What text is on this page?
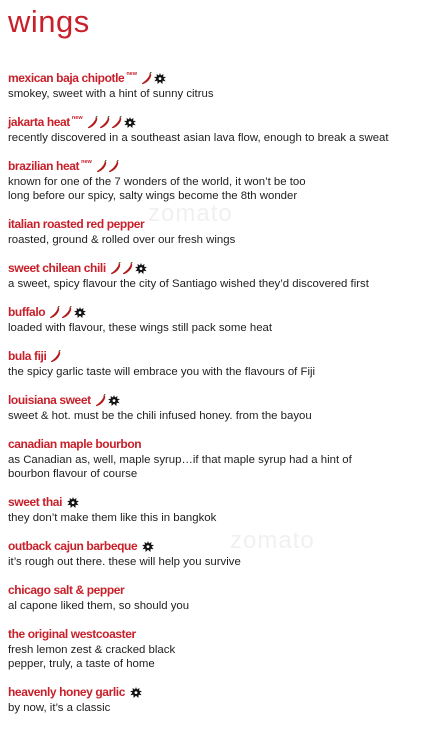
wings
zomato
zomato
mexican baja chipotle new
smokey, sweet with a hint of sunny citrus
jakarta heat new
recently discovered in a southeast asian lava flow, enough to break a sweat
brazilian heat new
known for one of the 7 wonders of the world, it won’t be too
long before our spicy, salty wings become the 8th wonder
italian roasted red pepper
roasted, ground & rolled over our fresh wings
sweet chilean chili
a sweet, spicy flavour the city of Santiago wished they’d discovered first
buffalo
loaded with flavour, these wings still pack some heat
bula fiji
the spicy garlic taste will embrace you with the flavours of Fiji
louisiana sweet
sweet & hot. must be the chili infused honey. from the bayou
canadian maple bourbon
as Canadian as, well, maple syrup…if that maple syrup had a hint of
bourbon flavour of course
sweet thai
they don’t make them like this in bangkok
outback cajun barbeque
it’s rough out there. these will help you survive
chicago salt & pepper
al capone liked them, so should you
the original westcoaster
fresh lemon zest & cracked black
pepper, truly, a taste of home
heavenly honey garlic
by now, it’s a classic
